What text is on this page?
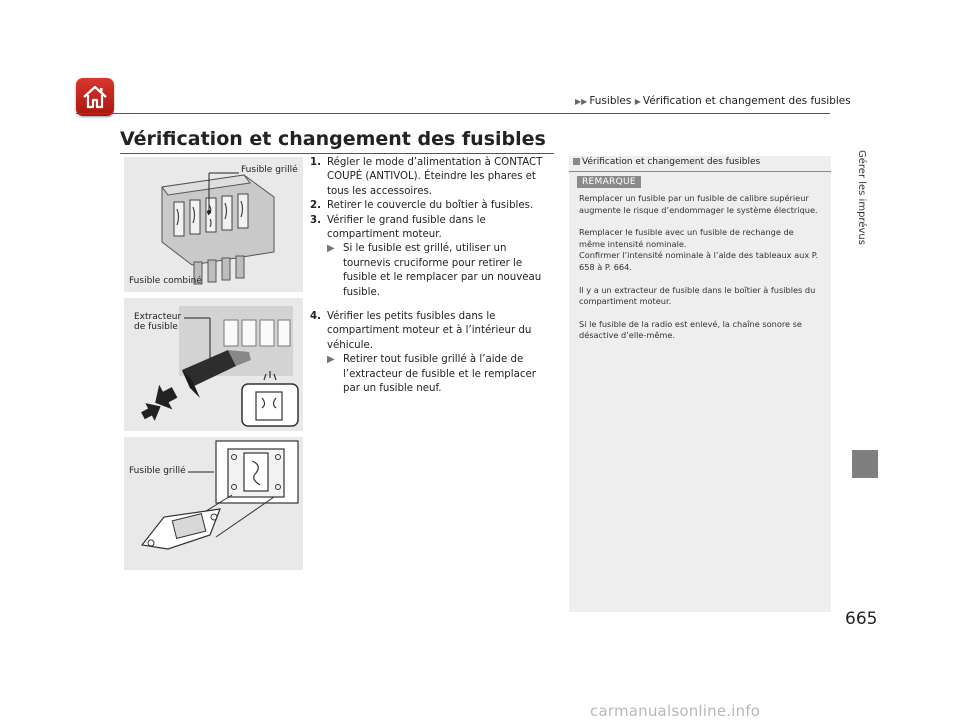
▶▶ Fusibles ▶ Vérification et changement des fusibles
Vérification et changement des fusibles
Fusible grillé
Fusible combiné
Extracteur
de fusible
Fusible grillé
1. Régler le mode d’alimentation à CONTACT COUPÉ (ANTIVOL). Éteindre les phares et tous les accessoires.
2. Retirer le couvercle du boîtier à fusibles.
3. Vérifier le grand fusible dans le compartiment moteur.
▶ Si le fusible est grillé, utiliser un tournevis cruciforme pour retirer le fusible et le remplacer par un nouveau fusible.
4. Vérifier les petits fusibles dans le compartiment moteur et à l’intérieur du véhicule.
▶ Retirer tout fusible grillé à l’aide de l’extracteur de fusible et le remplacer par un fusible neuf.
Vérification et changement des fusibles
REMARQUE

Remplacer un fusible par un fusible de calibre supérieur augmente le risque d’endommager le système électrique.

Remplacer le fusible avec un fusible de rechange de même intensité nominale.

Confirmer l’intensité nominale à l’aide des tableaux aux P. 658 à P. 664.

Il y a un extracteur de fusible dans le boîtier à fusibles du compartiment moteur.

Si le fusible de la radio est enlevé, la chaîne sonore se désactive d’elle-même.

Gérer les imprévus
665
carmanualsonline.info
